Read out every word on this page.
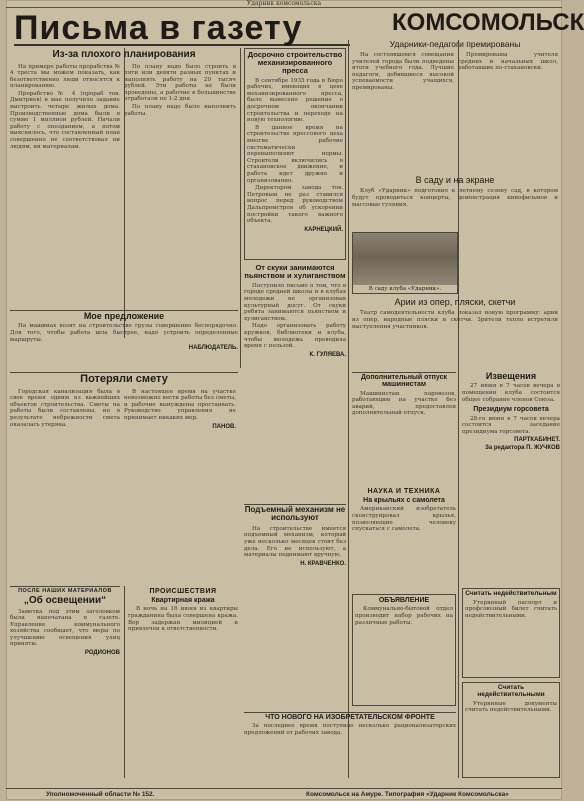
Ударник комсомольска
Письма в газету	КОМСОМОЛЬСК
Из-за плохого планирования

На примере работы прорабства № 4 треста мы можем показать, как безответственно люди относятся к планированию.

Прорабство № 4 (прораб тов. Дмитриев) в мае получило задание выстроить четыре жилых дома. Производственные дома были в сумме 1 миллион рублей. Начали работу с опозданием, а потом выяснилось, что составленный план совершенно не соответствовал ни людям, ни материалам.

По плану надо было строить в пяти или девяти разных пунктах и выполнять работу на 20 тысяч рублей. Эти работы не были проведены, а рабочие в большинстве отработали по 1-2 дня.

По плану надо было выполнить работы.

Мое предложение

На машинах возят на строительство грузы совершенно беспорядочно. Для того, чтобы работа шла быстрее, надо устроить определенные маршруты.

НАБЛЮДАТЕЛЬ.
Потеряли смету

Городская канализация была в свое время одним из важнейших объектов строительства. Сметы на работы были составлены, но в результате небрежности смета оказалась утеряна.

В настоящее время на участке невозможно вести работы без сметы, и рабочие вынуждены простаивать. Руководство управления не принимает никаких мер.

ПАНОВ.
ПОСЛЕ НАШИХ МАТЕРИАЛОВ
„Об освещении“

Заметка под этим заголовком была напечатана в газете. Управление коммунального хозяйства сообщает, что меры по улучшению освещения улиц приняты.

РОДИОНОВ
ПРОИСШЕСТВИЯ
Квартирная кража

В ночь на 16 июня из квартиры гражданина была совершена кража. Вор задержан милицией и привлечен к ответственности.

Досрочно строительство механизированного пресса

В сентябре 1935 года в Бюро рабочих, имеющих в цехе механизированного пресса, было вынесено решение о досрочном окончании строительства и переходе на новую технологию.

В данное время на строительстве прессового цеха многие рабочие систематически перевыполняют нормы. Строители включились в стахановское движение, и работа идет дружно и организованно.

Директором завода тов. Петровым не раз ставился вопрос перед руководством Дальпромстроя об ускорении постройки такого важного объекта.

КАРНЕЦКИЙ.
От скуки занимаются пьянством и хулиганством

Поступило письмо о том, что в городе средней школы и в клубах молодежи не организован культурный досуг. От скуки ребята занимаются пьянством и хулиганством.

Надо организовать работу кружков, библиотеки и клуба, чтобы молодежь проводила время с пользой.

К. ГУЛЯЕВА.
Подъемный механизм не используют

На строительстве имеется подъемный механизм, который уже несколько месяцев стоит без дела. Его не используют, а материалы поднимают вручную.

Н. КРАВЧЕНКО.
ЧТО НОВОГО НА ИЗОБРЕТАТЕЛЬСКОМ ФРОНТЕ

За последнее время поступило несколько рационализаторских предложений от рабочих завода.

Ударники-педагоги премированы

На состоявшемся совещании учителей города были подведены итоги учебного года. Лучшие педагоги, добившиеся высокой успеваемости учащихся, премированы.

Премированы учителя средних и начальных школ, работавшие по-стахановски.

В саду и на экране

Клуб «Ударник» подготовил к летнему сезону сад, в котором будут проводиться концерты, демонстрация кинофильмов и массовые гуляния.

В саду клуба «Ударник».
Арии из опер, пляски, скетчи

Театр самодеятельности клуба показал новую программу: арии из опер, народные пляски и скетчи. Зрители тепло встретили выступления участников.

Дополнительный отпуск машинистам

Машинистам паровозов, работающим на участке без аварий, предоставлен дополнительный отпуск.

НАУКА И ТЕХНИКА
На крыльях с самолета

Американский изобретатель сконструировал крылья, позволяющие человеку спускаться с самолета.

ОБЪЯВЛЕНИЕ

Коммунально-бытовой отдел производит набор рабочих на различные работы.

Извещения

27 июня в 7 часов вечера в помещении клуба состоится общее собрание членов Союза.

Президиум горсовета

28-го июня в 7 часов вечера состоится заседание президиума горсовета.

ПАРТКАБИНЕТ.
За редактора П. ЖУЧКОВ
Считать недействительным

Утерянный паспорт и профсоюзный билет считать недействительными.

Считать недействительными

Утерянные документы считать недействительными.

Уполномоченный области № 152.	Комсомольск на Амуре. Типография «Ударник Комсомольска»
